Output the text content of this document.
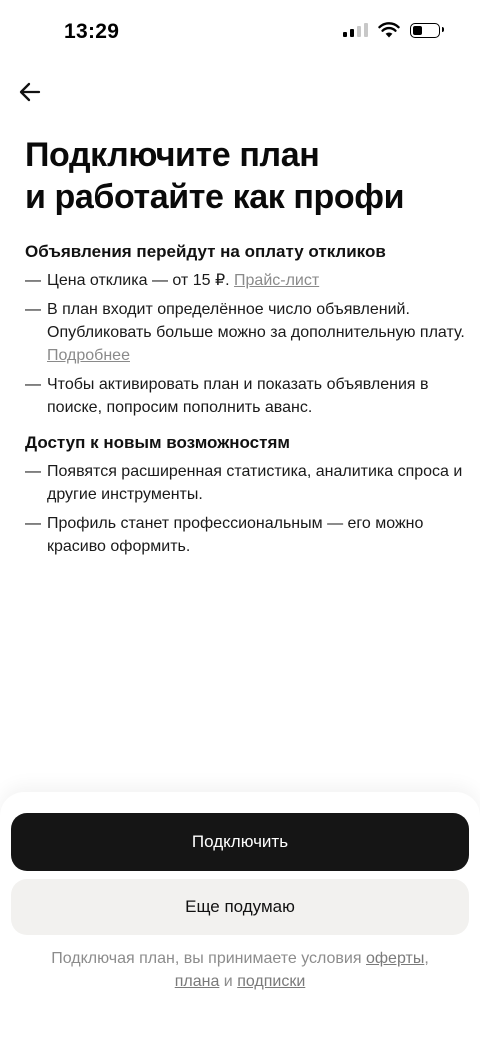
13:29
Подключите план
и работайте как профи
Объявления перейдут на оплату откликов
— Цена отклика — от 15 ₽. Прайс-лист
— В план входит определённое число объявлений. Опубликовать больше можно за дополнительную плату. Подробнее
— Чтобы активировать план и показать объявления в поиске, попросим пополнить аванс.
Доступ к новым возможностям
— Появятся расширенная статистика, аналитика спроса и другие инструменты.
— Профиль станет профессиональным — его можно красиво оформить.
Подключить
Еще подумаю
Подключая план, вы принимаете условия оферты,
плана и подписки
